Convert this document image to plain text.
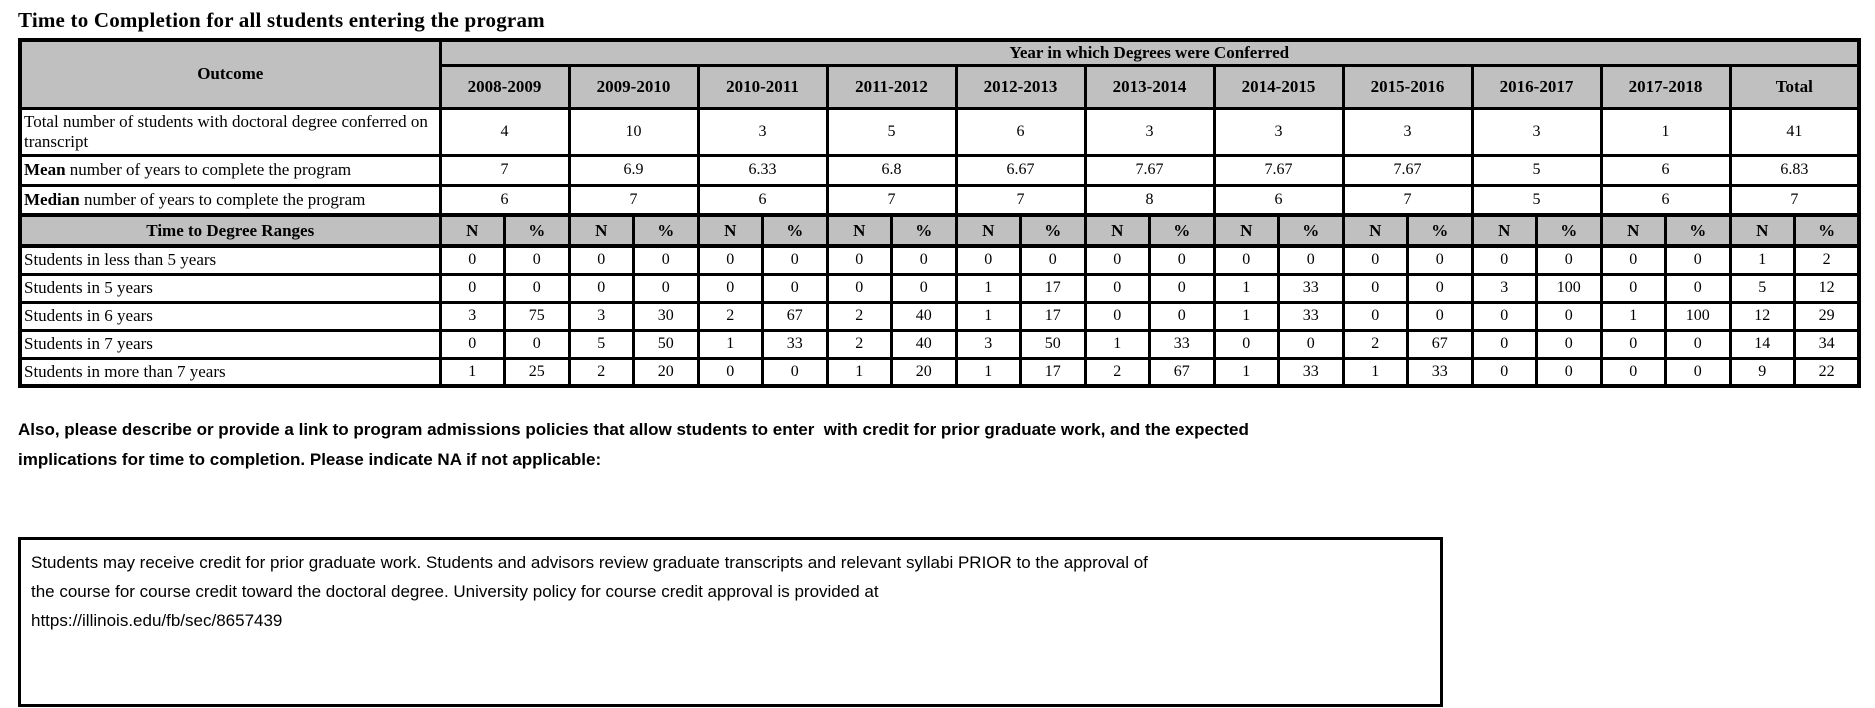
Time to Completion for all students entering the program
Outcome	Year in which Degrees were Conferred																					
	2008-2009		2009-2010		2010-2011		2011-2012		2012-2013		2013-2014		2014-2015		2015-2016		2016-2017		2017-2018		Total	
Total number of students with doctoral degree conferred on transcript	4		10		3		5		6		3		3		3		3		1		41	
Mean number of years to complete the program	7		6.9		6.33		6.8		6.67		7.67		7.67		7.67		5		6		6.83	
Median number of years to complete the program	6		7		6		7		7		8		6		7		5		6		7	
Time to Degree Ranges	N	%	N	%	N	%	N	%	N	%	N	%	N	%	N	%	N	%	N	%	N	%
Students in less than 5 years	0	0	0	0	0	0	0	0	0	0	0	0	0	0	0	0	0	0	0	0	1	2
Students in 5 years	0	0	0	0	0	0	0	0	1	17	0	0	1	33	0	0	3	100	0	0	5	12
Students in 6 years	3	75	3	30	2	67	2	40	1	17	0	0	1	33	0	0	0	0	1	100	12	29
Students in 7 years	0	0	5	50	1	33	2	40	3	50	1	33	0	0	2	67	0	0	0	0	14	34
Students in more than 7 years	1	25	2	20	0	0	1	20	1	17	2	67	1	33	1	33	0	0	0	0	9	22
Also, please describe or provide a link to program admissions policies that allow students to enter  with credit for prior graduate work, and the expected
implications for time to completion. Please indicate NA if not applicable:
Students may receive credit for prior graduate work. Students and advisors review graduate transcripts and relevant syllabi PRIOR to the approval of
the course for course credit toward the doctoral degree. University policy for course credit approval is provided at
https://illinois.edu/fb/sec/8657439
